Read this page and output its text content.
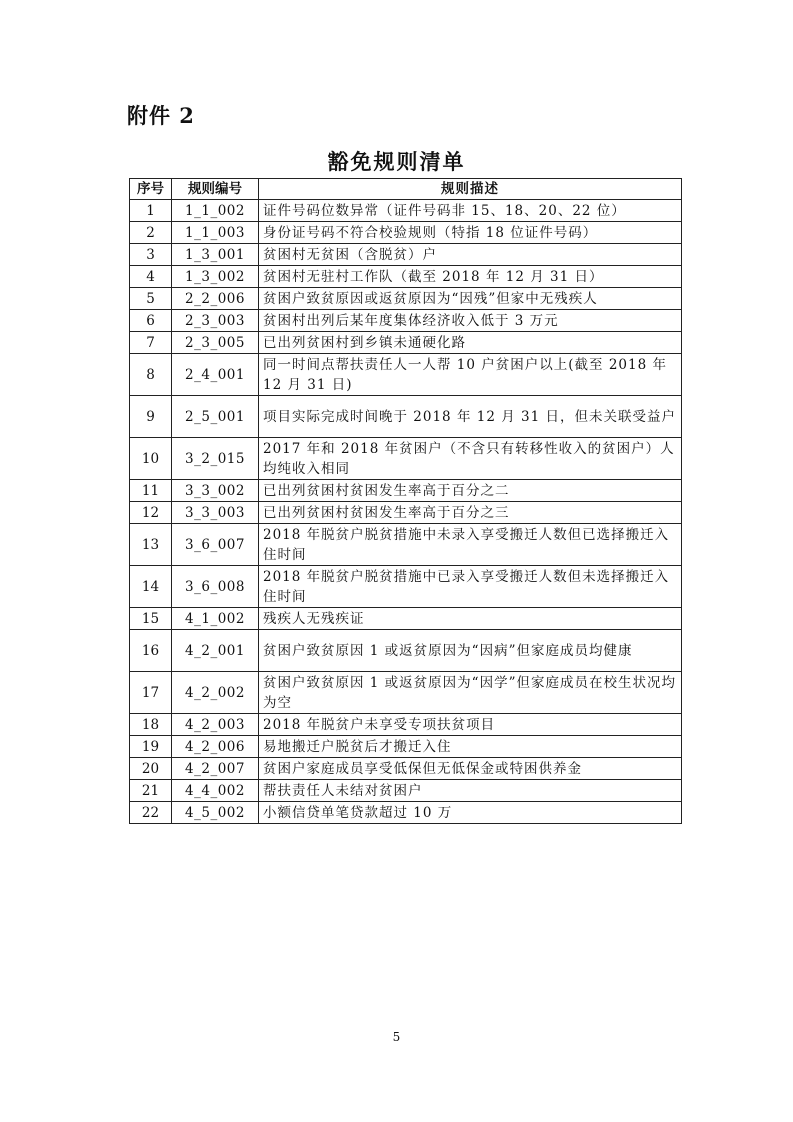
附件 2
豁免规则清单
序号	规则编号	规则描述
1	1_1_002	证件号码位数异常（证件号码非 15、18、20、22 位）
2	1_1_003	身份证号码不符合校验规则（特指 18 位证件号码）
3	1_3_001	贫困村无贫困（含脱贫）户
4	1_3_002	贫困村无驻村工作队（截至 2018 年 12 月 31 日）
5	2_2_006	贫困户致贫原因或返贫原因为“因残”但家中无残疾人
6	2_3_003	贫困村出列后某年度集体经济收入低于 3 万元
7	2_3_005	已出列贫困村到乡镇未通硬化路
8	2_4_001	同一时间点帮扶责任人一人帮 10 户贫困户以上(截至 2018 年 12 月 31 日)
9	2_5_001	项目实际完成时间晚于 2018 年 12 月 31 日，但未关联受益户
10	3_2_015	2017 年和 2018 年贫困户（不含只有转移性收入的贫困户）人均纯收入相同
11	3_3_002	已出列贫困村贫困发生率高于百分之二
12	3_3_003	已出列贫困村贫困发生率高于百分之三
13	3_6_007	2018 年脱贫户脱贫措施中未录入享受搬迁人数但已选择搬迁入住时间
14	3_6_008	2018 年脱贫户脱贫措施中已录入享受搬迁人数但未选择搬迁入住时间
15	4_1_002	残疾人无残疾证
16	4_2_001	贫困户致贫原因 1 或返贫原因为“因病”但家庭成员均健康
17	4_2_002	贫困户致贫原因 1 或返贫原因为“因学”但家庭成员在校生状况均为空
18	4_2_003	2018 年脱贫户未享受专项扶贫项目
19	4_2_006	易地搬迁户脱贫后才搬迁入住
20	4_2_007	贫困户家庭成员享受低保但无低保金或特困供养金
21	4_4_002	帮扶责任人未结对贫困户
22	4_5_002	小额信贷单笔贷款超过 10 万
5
